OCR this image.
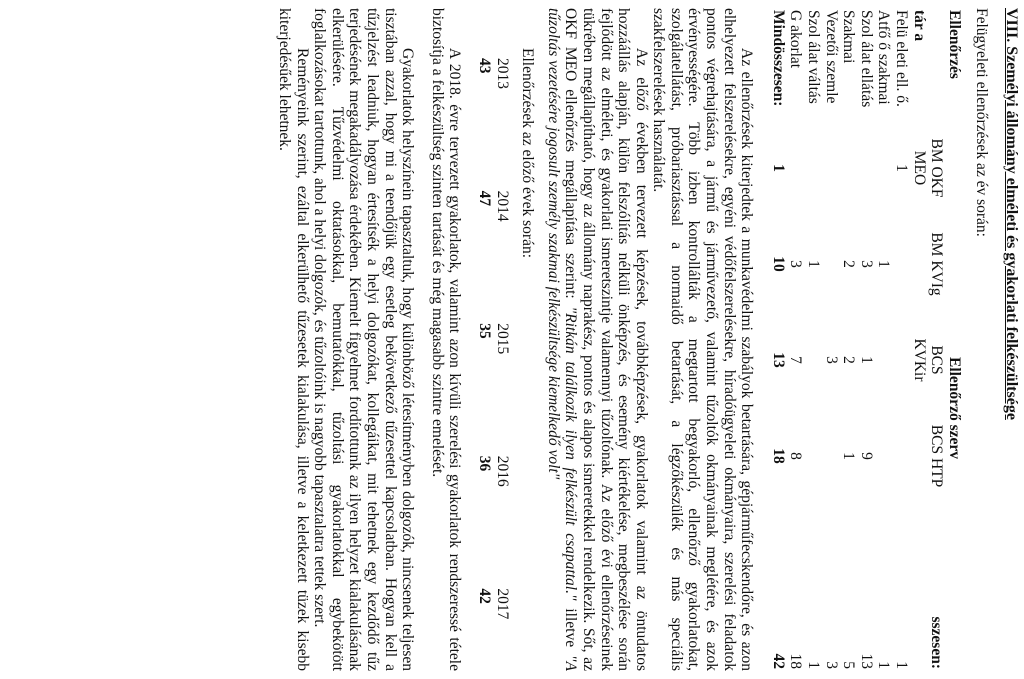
VIII. Személyi állomány elméleti és gyakorlati felkészültsége
Felügyeleti ellenőrzések az év során:
Ellenőrzés			Ellenőrző szerv		
	BM OKF	BM KVIg	BCS	BCS HTP	sszesen:
tár a	MEO		KVKir		
Felü eleti ell. ő.	1				1
Atfő ő szakmai		1			1
Szol álat ellátás		3	1	9	13
Szakmai		2	2	1	5
Vezetői szemle			3		3
Szol álat váltás		1			1
G akorlat		3	7	8	18
Mindösszesen:	1	10	13	18	42

Az ellenőrzések kiterjedtek a munkavédelmi szabályok betartására, gépjárműfecskendőre, és azon elhelyezett felszerelésekre, egyéni védőfelszerelésekre, híradóügyeleti okmányaira, szerelési feladatok pontos végrehajtására, a jármű és járművezető, valamint tűzoltók okmányainak meglétére, és azok érvényességére. Több izben kontrollálták a megtartott begyakorló, ellenőrző gyakorlatokat, szolgálatellátást, próbariasztással a normaidő betartását, a légzőkészülék és más speciális szakfelszerelések használatát.

Az előző években tervezett képzések, továbbképzések, gyakorlatok valamint az öntudatos hozzáállás alapján, külön felszólítás nélküli önképzés, és esemény kiértékelése, megbeszélése során fejlődött az elméleti, és gyakorlati ismeretszintje valamennyi tűzoltónak. Az előző évi ellenőrzéseinek tükrében megállapítható, hogy az állomány naprakész, pontos és alapos ismeretekkel rendelkezik. Sőt, az OKF MEO ellenőrzés megállapítása szerint: "Ritkán találkozik ilyen felkészült csapattal." illetve "A tűzoltás vezetésére jogosult személy szakmai felkészültsége kiemelkedő volt"

Ellenőrzések az előző évek során:
2013	2014	2015	2016	2017
43	47	35	36	42

A 2018. évre tervezett gyakorlatok, valamint azon kívüli szerelési gyakorlatok rendszeressé tétele biztosítja a felkészültség szinten tartását és még magasabb szintre emelését.

Gyakorlatok helyszínein tapasztaltuk, hogy különböző létesítményben dolgozók, nincsenek teljesen tisztában azzal, hogy mi a teendőjük egy esetleg bekövetkező tűzesettel kapcsolatban. Hogyan kell a tűzjelzést leadniuk, hogyan értesítsék a helyi dolgozókat, kollegáikat, mit tehetnek egy kezdődő tűz terjedésének megakadályozása érdekében. Kiemelt figyelmet fordítottunk az ilyen helyzet kialakulásának elkerülésére. Tűzvédelmi oktatásokkal, bemutatókkal, tűzoltási gyakorlatokkal egybekötött foglalkozásokat tartottunk, ahol a helyi dolgozók, és tűzoltóink is nagyobb tapasztalatra tettek szert.

Reményeink szerint, ezáltal elkerülhető tűzesetek kialakulása, illetve a keletkezett tüzek kisebb kiterjedésűek lehetnek.
